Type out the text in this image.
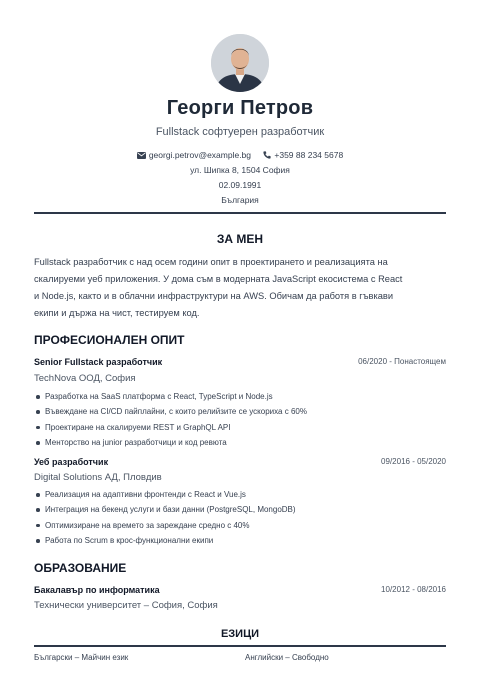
Георги Петров
Fullstack софтуерен разработчик
georgi.petrov@example.bg	+359 88 234 5678
ул. Шипка 8, 1504 София
02.09.1991
България
ЗА МЕН

Fullstack разработчик с над осем години опит в проектирането и реализацията на
скалируеми уеб приложения. У дома съм в модерната JavaScript екосистема с React
и Node.js, както и в облачни инфраструктури на AWS. Обичам да работя в гъвкави
екипи и държа на чист, тестируем код.

ПРОФЕСИОНАЛЕН ОПИТ
Senior Fullstack разработчик	06/2020 - Понастоящем
TechNova ООД, София
Разработка на SaaS платформа с React, TypeScript и Node.js
Въвеждане на CI/CD пайплайни, с които релийзите се ускориха с 60%
Проектиране на скалируеми REST и GraphQL API
Менторство на junior разработчици и код ревюта
Уеб разработчик	09/2016 - 05/2020
Digital Solutions АД, Пловдив
Реализация на адаптивни фронтенди с React и Vue.js
Интеграция на бекенд услуги и бази данни (PostgreSQL, MongoDB)
Оптимизиране на времето за зареждане средно с 40%
Работа по Scrum в крос-функционални екипи
ОБРАЗОВАНИЕ
Бакалавър по информатика	10/2012 - 08/2016
Технически университет – София, София
ЕЗИЦИ
Български – Майчин език	Английски – Свободно
